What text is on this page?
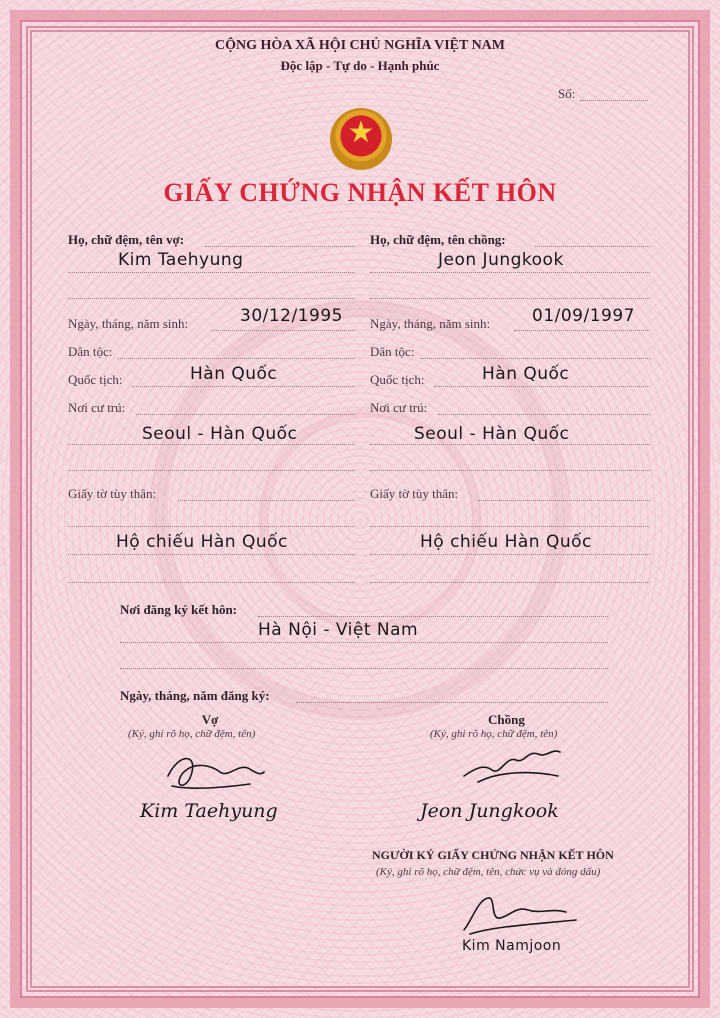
CỘNG HÒA XÃ HỘI CHỦ NGHĨA VIỆT NAM
Độc lập - Tự do - Hạnh phúc
Số:
★
GIẤY CHỨNG NHẬN KẾT HÔN
Họ, chữ đệm, tên vợ:
Kim Taehyung
Ngày, tháng, năm sinh:	30/12/1995
Dân tộc:
Quốc tịch:	Hàn Quốc
Nơi cư trú:
Seoul - Hàn Quốc
Giấy tờ tùy thân:
Hộ chiếu Hàn Quốc
Họ, chữ đệm, tên chồng:
Jeon Jungkook
Ngày, tháng, năm sinh: 01/09/1997
Dân tộc:
Quốc tịch:	Hàn Quốc
Nơi cư trú:
Seoul - Hàn Quốc
Giấy tờ tùy thân:
Hộ chiếu Hàn Quốc
Nơi đăng ký kết hôn:
Hà Nội - Việt Nam
Ngày, tháng, năm đăng ký:
Vợ
(Ký, ghi rõ họ, chữ đệm, tên)
Chồng
(Ký, ghi rõ họ, chữ đệm, tên)
Kim Taehyung	Jeon Jungkook
NGƯỜI KÝ GIẤY CHỨNG NHẬN KẾT HÔN
(Ký, ghi rõ họ, chữ đệm, tên, chức vụ và đóng dấu)
Kim Namjoon
